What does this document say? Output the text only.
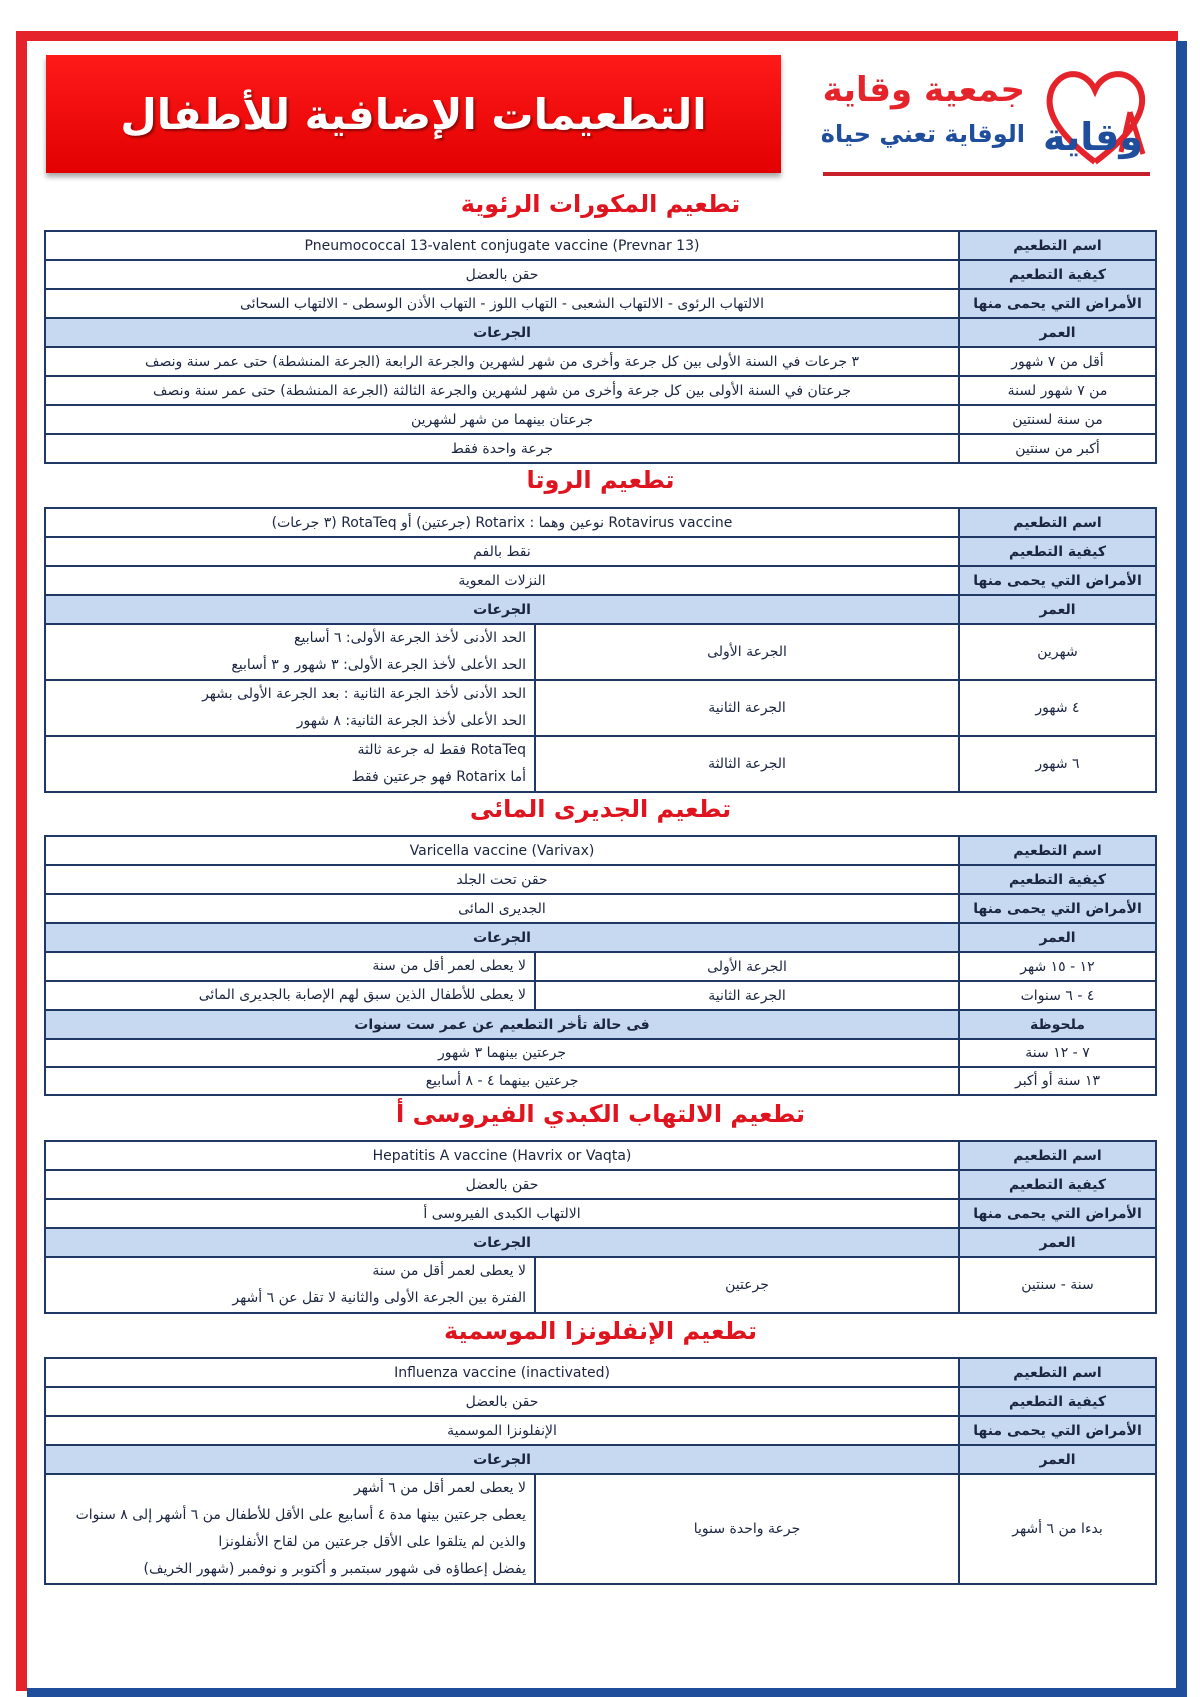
التطعيمات الإضافية للأطفال	جمعية وقاية
الوقاية تعني حياة وقاية
تطعيم المكورات الرئوية
اسم التطعيم	Pneumococcal 13-valent conjugate vaccine (Prevnar 13)
كيفية التطعيم	حقن بالعضل
الأمراض التي يحمى منها	الالتهاب الرئوى - الالتهاب الشعبى - التهاب اللوز - التهاب الأذن الوسطى - الالتهاب السحائى
العمر	الجرعات
أقل من ٧ شهور	٣ جرعات في السنة الأولى بين كل جرعة وأخرى من شهر لشهرين والجرعة الرابعة (الجرعة المنشطة) حتى عمر سنة ونصف
من ٧ شهور لسنة	جرعتان في السنة الأولى بين كل جرعة وأخرى من شهر لشهرين والجرعة الثالثة (الجرعة المنشطة) حتى عمر سنة ونصف
من سنة لسنتين	جرعتان بينهما من شهر لشهرين
أكبر من سنتين	جرعة واحدة فقط
تطعيم الروتا
اسم التطعيم	Rotavirus vaccine نوعين وهما : Rotarix (جرعتين) أو RotaTeq (٣ جرعات)	
كيفية التطعيم	نقط بالفم	
الأمراض التي يحمى منها	النزلات المعوية	
العمر	الجرعات	
شهرين	الجرعة الأولى	الحد الأدنى لأخذ الجرعة الأولى: ٦ أسابيع
الحد الأعلى لأخذ الجرعة الأولى: ٣ شهور و ٣ أسابيع

٤ شهور	الجرعة الثانية	الحد الأدنى لأخذ الجرعة الثانية : بعد الجرعة الأولى بشهر
الحد الأعلى لأخذ الجرعة الثانية: ٨ شهور

٦ شهور	الجرعة الثالثة	RotaTeq فقط له جرعة ثالثة
أما Rotarix فهو جرعتين فقط
تطعيم الجديرى المائى
اسم التطعيم	Varicella vaccine (Varivax)	
كيفية التطعيم	حقن تحت الجلد	
الأمراض التي يحمى منها	الجديرى المائى	
العمر	الجرعات	
١٢ - ١٥ شهر	الجرعة الأولى	لا يعطى لعمر أقل من سنة

٤ - ٦ سنوات	الجرعة الثانية	لا يعطى للأطفال الذين سبق لهم الإصابة بالجديرى المائى

ملحوظة	فى حالة تأخر التطعيم عن عمر ست سنوات	
٧ - ١٢ سنة	جرعتين بينهما ٣ شهور	
١٣ سنة أو أكبر	جرعتين بينهما ٤ - ٨ أسابيع	
تطعيم الالتهاب الكبدي الفيروسى أ
اسم التطعيم	Hepatitis A vaccine (Havrix or Vaqta)	
كيفية التطعيم	حقن بالعضل	
الأمراض التي يحمى منها	الالتهاب الكبدى الفيروسى أ	
العمر	الجرعات	
سنة - سنتين	جرعتين	لا يعطى لعمر أقل من سنة
الفترة بين الجرعة الأولى والثانية لا تقل عن ٦ أشهر
تطعيم الإنفلونزا الموسمية
اسم التطعيم	Influenza vaccine (inactivated)	
كيفية التطعيم	حقن بالعضل	
الأمراض التي يحمى منها	الإنفلونزا الموسمية	
العمر	الجرعات	
بدءا من ٦ أشهر	جرعة واحدة سنويا	لا يعطى لعمر أقل من ٦ أشهر
يعطى جرعتين بينها مدة ٤ أسابيع على الأقل للأطفال من ٦ أشهر إلى ٨ سنوات
والذين لم يتلقوا على الأقل جرعتين من لقاح الأنفلونزا
يفضل إعطاؤه فى شهور سبتمبر و أكتوبر و نوفمبر (شهور الخريف)
